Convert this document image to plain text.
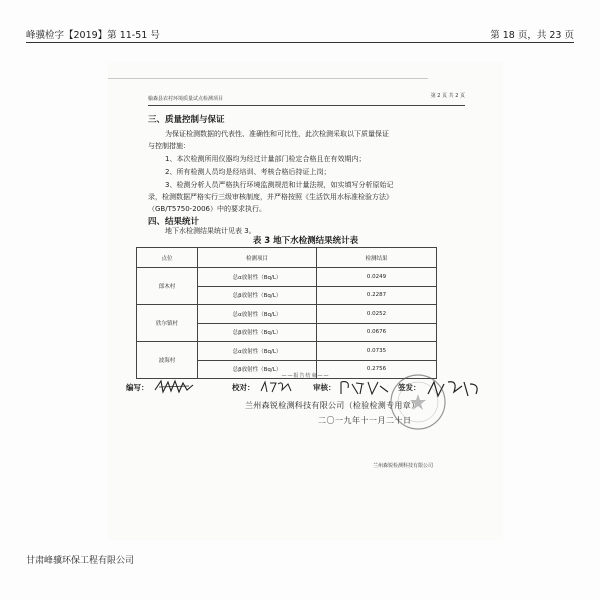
峰骥检字【2019】第 11-51 号	第 18 页，共 23 页
榆森县农村环境质量试点检测项目	第 2 页 共 2 页
三、质量控制与保证
为保证检测数据的代表性、准确性和可比性，此次检测采取以下质量保证
与控制措施：
1、本次检测所用仪器均为经过计量部门检定合格且在有效期内；
2、所有检测人员均是经培训、考核合格后持证上岗；
3、检测分析人员严格执行环境监测规范和计量法规，如实填写分析原始记
录，检测数据严格实行三级审核制度，并严格按照《生活饮用水标准检验方法》
（GB/T5750-2006）中的要求执行。
四、结果统计
地下水检测结果统计见表 3。
表 3 地下水检测结果统计表
点位	检测项目	检测结果
郎木村	总α放射性（Bq/L）	0.0249
	总β放射性（Bq/L）	0.2287
欣尔镇村	总α放射性（Bq/L）	0.0252
	总β放射性（Bq/L）	0.0676
波海村	总α放射性（Bq/L）	0.0735
	总β放射性（Bq/L）	0.2756
——报告结束——
编写：	校对：	审核：	签发：
兰州森锐检测科技有限公司（检验检测专用章）
二〇一九年十一月二十日
兰州森锐检测科技有限公司
甘肃峰骥环保工程有限公司
